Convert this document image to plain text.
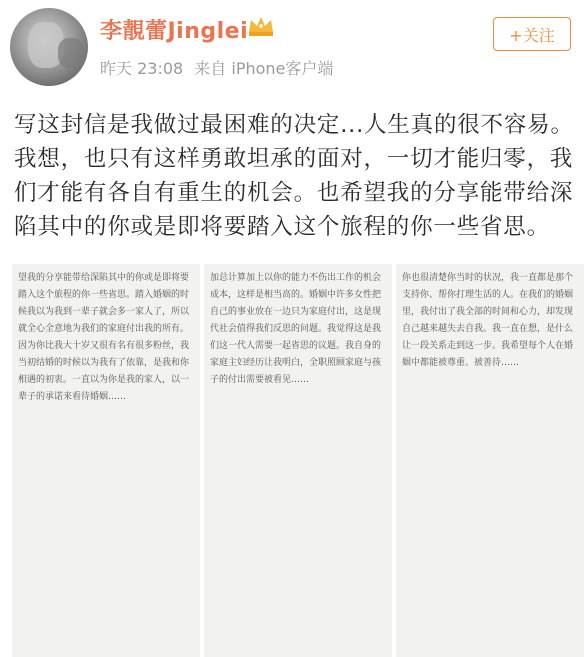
李靚蕾Jinglei
昨天 23:08 来自 iPhone客户端
+关注
写这封信是我做过最困难的决定...人生真的很不容易。我想，也只有这样勇敢坦承的面对，一切才能归零，我们才能有各自有重生的机会。也希望我的分享能带给深陷其中的你或是即将要踏入这个旅程的你一些省思。
望我的分享能带给深陷其中的你或是即将要踏入这个旅程的你一些省思。踏入婚姻的时候我以为我到一辈子就会多一家人了，所以就全心全意地为我们的家庭付出我的所有。因为你比我大十岁又很有名有很多粉丝，我当初结婚的时候以为我有了依靠，是我和你相遇的初衷。一直以为你是我的家人，以一辈子的承诺来看待婚姻……
加总计算加上以你的能力不伤出工作的机会成本，这样是相当高的。婚姻中许多女性把自己的事业放在一边只为家庭付出，这是现代社会值得我们反思的问题。我觉得这是我们这一代人需要一起省思的议题。我自身的家庭主妇经历让我明白，全职照顾家庭与孩子的付出需要被看见……
你也很清楚你当时的状况，我一直都是那个支持你、帮你打理生活的人。在我们的婚姻里，我付出了我全部的时间和心力，却发现自己越来越失去自我。我一直在想，是什么让一段关系走到这一步。我希望每个人在婚姻中都能被尊重、被善待……
